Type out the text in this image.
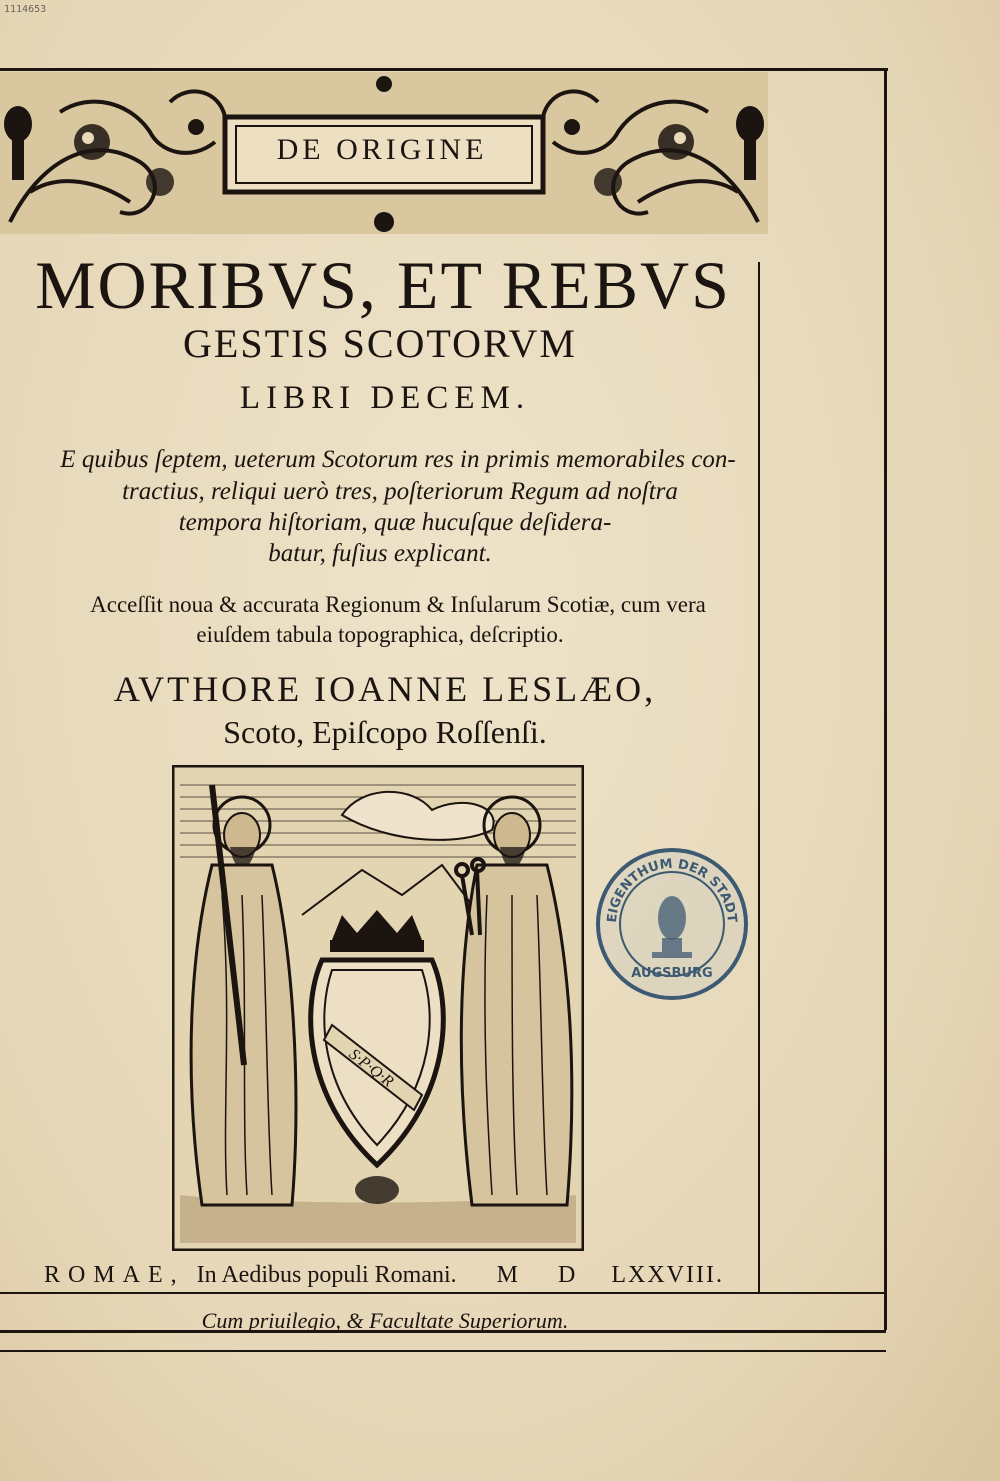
1114653

DE ORIGINE
MORIBVS, ET REBVS
GESTIS SCOTORVM
LIBRI DECEM.
E quibus ſeptem, ueterum Scotorum res in primis memorabiles con-
tractius, reliqui uerò tres, poſteriorum Regum ad noſtra
tempora hiſtoriam, quæ hucuſque deſidera-
batur, fuſius explicant.
Acceſſit noua & accurata Regionum & Inſularum Scotiæ, cum vera
eiuſdem tabula topographica, deſcriptio.
AVTHORE IOANNE LESLÆO,
Scoto, Epiſcopo Roſſenſi.
S·P·Q·R
EIGENTHUM DER STADT
AUGSBURG
ROMAE, In Aedibus populi Romani. M D LXXVIII.
Cum priuilegio, & Facultate Superiorum.
